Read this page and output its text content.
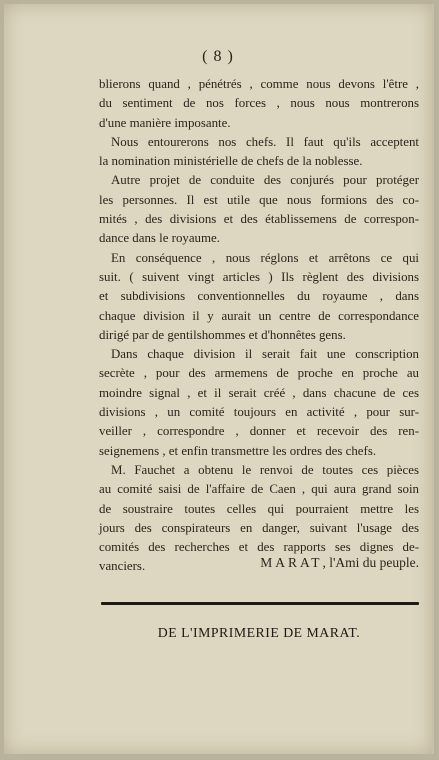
( 8 )
blierons quand , pénétrés , comme nous devons l'être ,
du sentiment de nos forces , nous nous montrerons
d'une manière imposante.
Nous entourerons nos chefs. Il faut qu'ils acceptent
la nomination ministérielle de chefs de la noblesse.
Autre projet de conduite des conjurés pour protéger
les personnes. Il est utile que nous formions des co-
mités , des divisions et des établissemens de correspon-
dance dans le royaume.
En conséquence , nous réglons et arrêtons ce qui
suit. ( suivent vingt articles ) Ils règlent des divisions
et subdivisions conventionnelles du royaume , dans
chaque division il y aurait un centre de correspondance
dirigé par de gentilshommes et d'honnêtes gens.
Dans chaque division il serait fait une conscription
secrète , pour des armemens de proche en proche au
moindre signal , et il serait créé , dans chacune de ces
divisions , un comité toujours en activité , pour sur-
veiller , correspondre , donner et recevoir des ren-
seignemens , et enfin transmettre les ordres des chefs.
M. Fauchet a obtenu le renvoi de toutes ces pièces
au comité saisi de l'affaire de Caen , qui aura grand soin
de soustraire toutes celles qui pourraient mettre les
jours des conspirateurs en danger, suivant l'usage des
comités des recherches et des rapports ses dignes de-
vanciers.	MARAT, l'Ami du peuple.
DE L'IMPRIMERIE DE MARAT.
